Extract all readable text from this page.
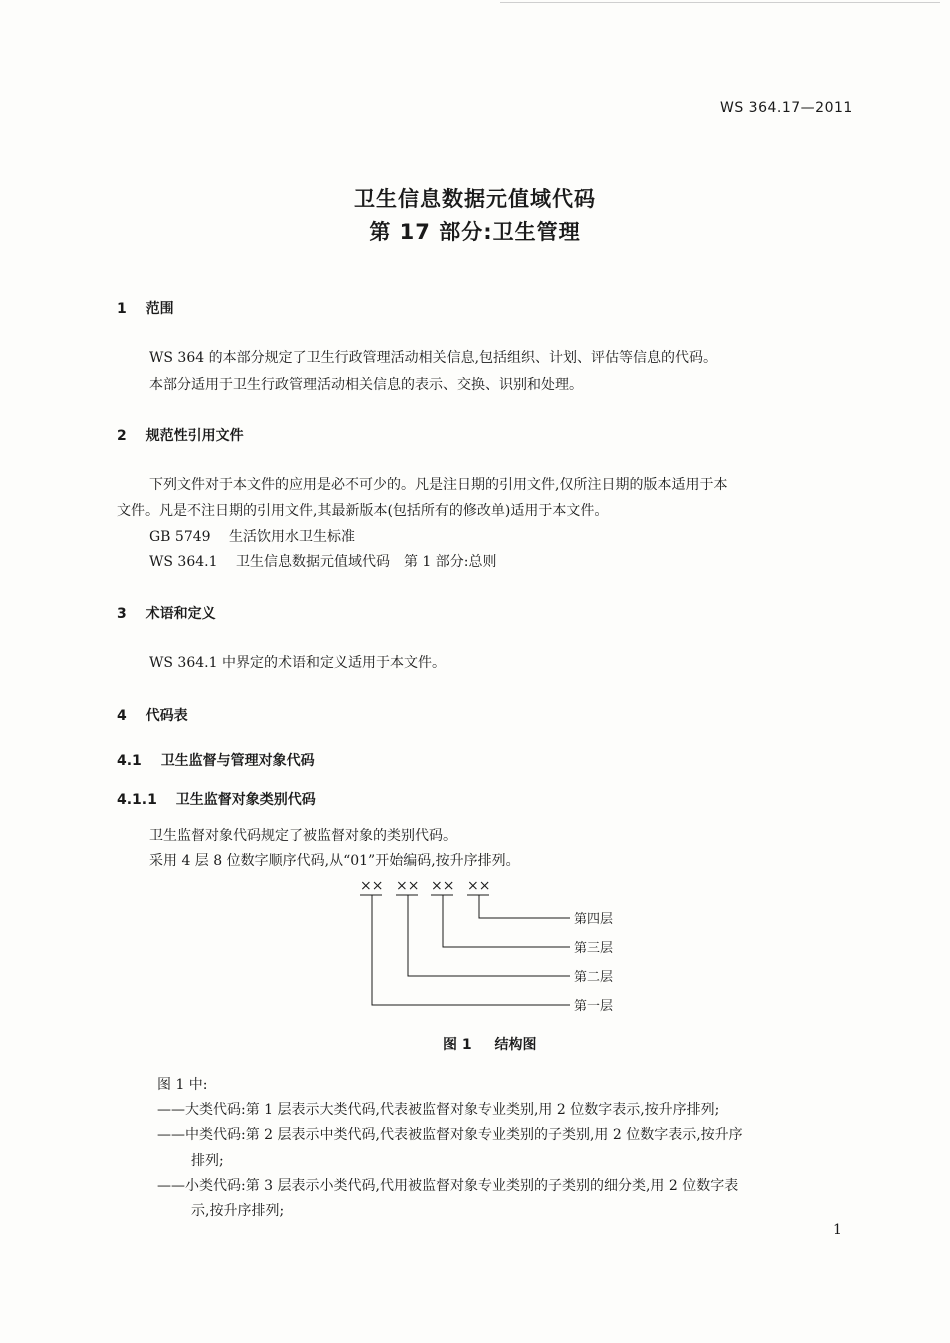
WS 364.17—2011
卫生信息数据元值域代码
第 17 部分:卫生管理
1 范围
WS 364 的本部分规定了卫生行政管理活动相关信息,包括组织、计划、评估等信息的代码。
本部分适用于卫生行政管理活动相关信息的表示、交换、识别和处理。
2 规范性引用文件
下列文件对于本文件的应用是必不可少的。凡是注日期的引用文件,仅所注日期的版本适用于本
文件。凡是不注日期的引用文件,其最新版本(包括所有的修改单)适用于本文件。
GB 5749 生活饮用水卫生标准
WS 364.1 卫生信息数据元值域代码　第 1 部分:总则
3 术语和定义
WS 364.1 中界定的术语和定义适用于本文件。
4 代码表
4.1 卫生监督与管理对象代码
4.1.1 卫生监督对象类别代码
卫生监督对象代码规定了被监督对象的类别代码。
采用 4 层 8 位数字顺序代码,从“01”开始编码,按升序排列。
×× ×× ×× ××
第四层
第三层
第二层
第一层
图 1 结构图
图 1 中:
——大类代码:第 1 层表示大类代码,代表被监督对象专业类别,用 2 位数字表示,按升序排列;
——中类代码:第 2 层表示中类代码,代表被监督对象专业类别的子类别,用 2 位数字表示,按升序
排列;
——小类代码:第 3 层表示小类代码,代用被监督对象专业类别的子类别的细分类,用 2 位数字表
示,按升序排列;
1
